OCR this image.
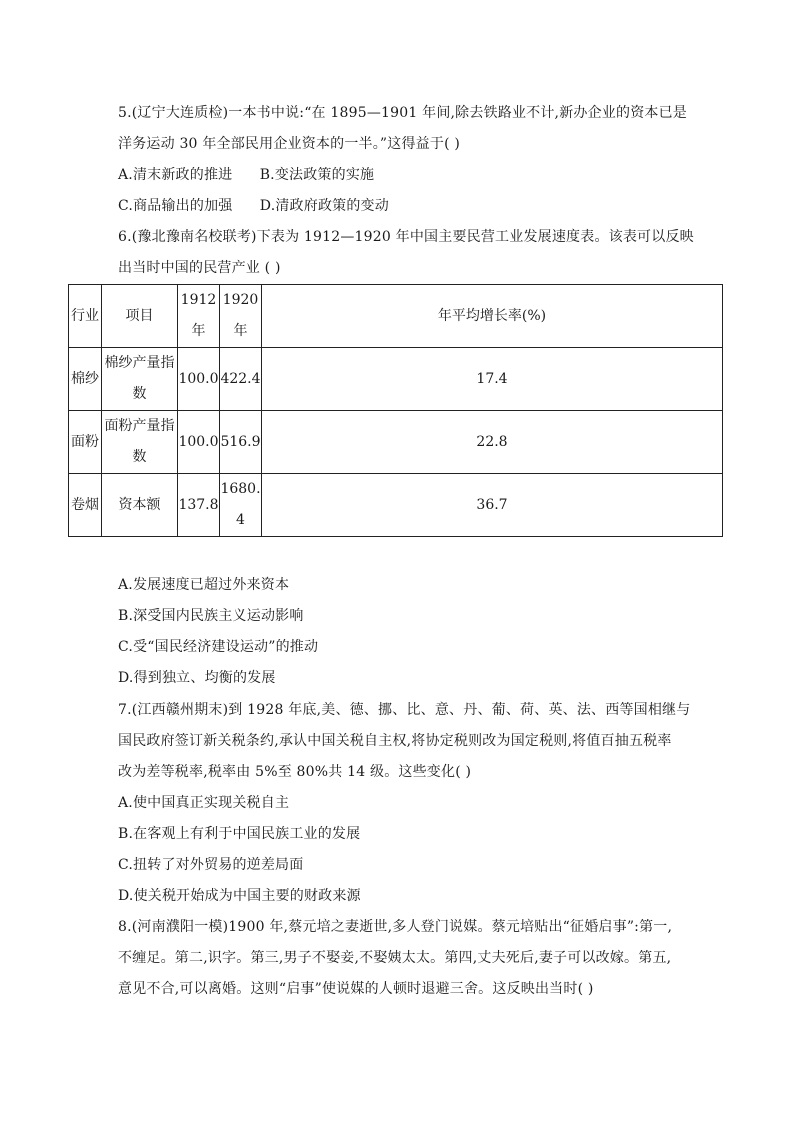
5.(辽宁大连质检)一本书中说:“在 1895—1901 年间,除去铁路业不计,新办企业的资本已是
洋务运动 30 年全部民用企业资本的一半。”这得益于( )
A.清末新政的推进 B.变法政策的实施
C.商品输出的加强 D.清政府政策的变动
6.(豫北豫南名校联考)下表为 1912—1920 年中国主要民营工业发展速度表。该表可以反映
出当时中国的民营产业 ( )
行业	项目	1912 年	1920 年	年平均增长率(%)
棉纱	棉纱产量指数	100.0	422.4	17.4
面粉	面粉产量指数	100.0	516.9	22.8
卷烟	资本额	137.8	1680.4	36.7
A.发展速度已超过外来资本
B.深受国内民族主义运动影响
C.受“国民经济建设运动”的推动
D.得到独立、均衡的发展
7.(江西赣州期末)到 1928 年底,美、德、挪、比、意、丹、葡、荷、英、法、西等国相继与
国民政府签订新关税条约,承认中国关税自主权,将协定税则改为国定税则,将值百抽五税率
改为差等税率,税率由 5%至 80%共 14 级。这些变化( )
A.使中国真正实现关税自主
B.在客观上有利于中国民族工业的发展
C.扭转了对外贸易的逆差局面
D.使关税开始成为中国主要的财政来源
8.(河南濮阳一模)1900 年,蔡元培之妻逝世,多人登门说媒。蔡元培贴出“征婚启事”:第一,
不缠足。第二,识字。第三,男子不娶妾,不娶姨太太。第四,丈夫死后,妻子可以改嫁。第五,
意见不合,可以离婚。这则“启事”使说媒的人顿时退避三舍。这反映出当时( )
